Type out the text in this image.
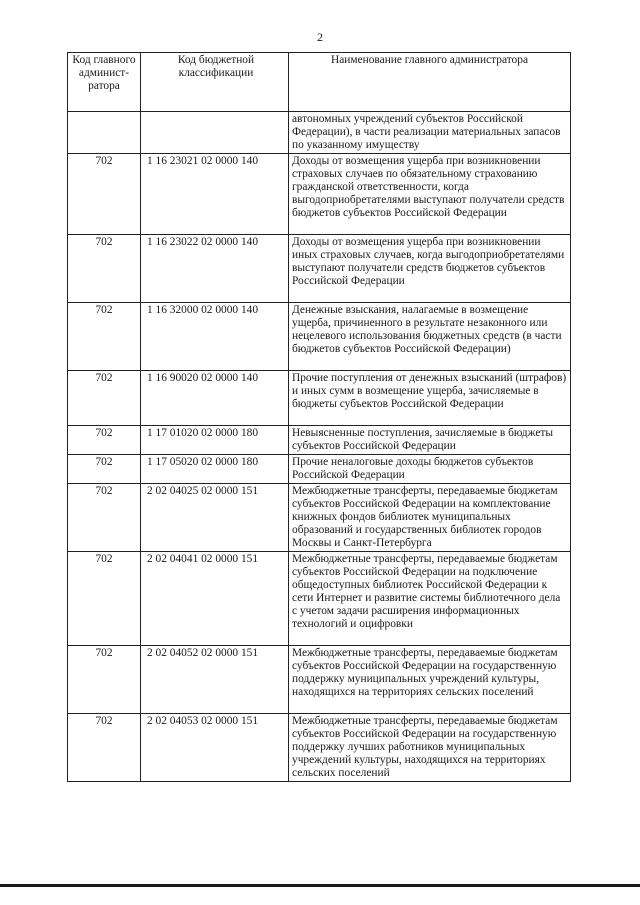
2
Код главного админист- ратора	Код бюджетной классификации	Наименование главного администратора
		автономных учреждений субъектов Российской Федерации), в части реализации материальных запасов по указанному имуществу
702	1 16 23021 02 0000 140	Доходы от возмещения ущерба при возникновении страховых случаев по обязательному страхованию гражданской ответственности, когда выгодоприобретателями выступают получатели средств бюджетов субъектов Российской Федерации
702	1 16 23022 02 0000 140	Доходы от возмещения ущерба при возникновении иных страховых случаев, когда выгодоприобретателями выступают получатели средств бюджетов субъектов Российской Федерации
702	1 16 32000 02 0000 140	Денежные взыскания, налагаемые в возмещение ущерба, причиненного в результате незаконного или нецелевого использования бюджетных средств (в части бюджетов субъектов Российской Федерации)
702	1 16 90020 02 0000 140	Прочие поступления от денежных взысканий (штрафов) и иных сумм в возмещение ущерба, зачисляемые в бюджеты субъектов Российской Федерации
702	1 17 01020 02 0000 180	Невыясненные поступления, зачисляемые в бюджеты субъектов Российской Федерации
702	1 17 05020 02 0000 180	Прочие неналоговые доходы бюджетов субъектов Российской Федерации
702	2 02 04025 02 0000 151	Межбюджетные трансферты, передаваемые бюджетам субъектов Российской Федерации на комплектование книжных фондов библиотек муниципальных образований и государственных библиотек городов Москвы и Санкт-Петербурга
702	2 02 04041 02 0000 151	Межбюджетные трансферты, передаваемые бюджетам субъектов Российской Федерации на подключение общедоступных библиотек Российской Федерации к сети Интернет и развитие системы библиотечного дела с учетом задачи расширения информационных технологий и оцифровки
702	2 02 04052 02 0000 151	Межбюджетные трансферты, передаваемые бюджетам субъектов Российской Федерации на государственную поддержку муниципальных учреждений культуры, находящихся на территориях сельских поселений
702	2 02 04053 02 0000 151	Межбюджетные трансферты, передаваемые бюджетам субъектов Российской Федерации на государственную поддержку лучших работников муниципальных учреждений культуры, находящихся на территориях сельских поселений
